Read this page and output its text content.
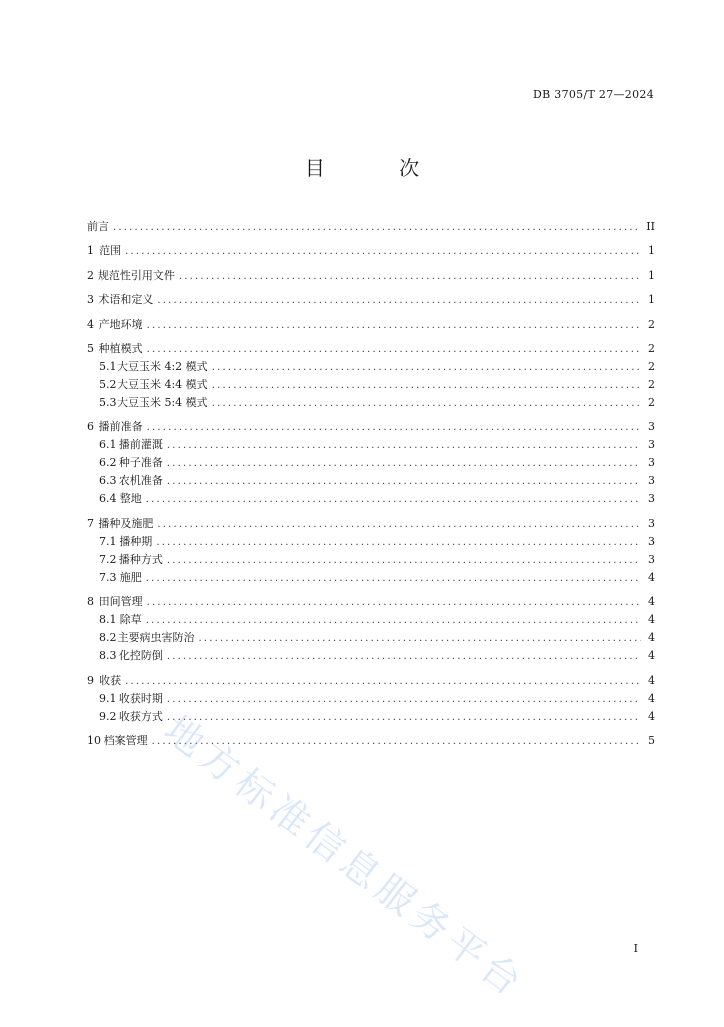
DB 3705/T 27—2024
目 次
前言 .....	II
1 范围 .....	1
2 规范性引用文件 .....	1
3 术语和定义 .....	1
4 产地环境 .....	2
5 种植模式 .....	2
5.1 大豆玉米 4:2 模式 .....	2
5.2 大豆玉米 4:4 模式 .....	2
5.3 大豆玉米 5:4 模式 .....	2
6 播前准备 .....	3
6.1 播前灌溉 .....	3
6.2 种子准备 .....	3
6.3 农机准备 .....	3
6.4 整地 .....	3
7 播种及施肥 .....	3
7.1 播种期 .....	3
7.2 播种方式 .....	3
7.3 施肥 .....	4
8 田间管理 .....	4
8.1 除草 .....	4
8.2 主要病虫害防治 .....	4
8.3 化控防倒 .....	4
9 收获 .....	4
9.1 收获时期 .....	4
9.2 收获方式 .....	4
10 档案管理 .....	5
地方标准信息服务平台	I
